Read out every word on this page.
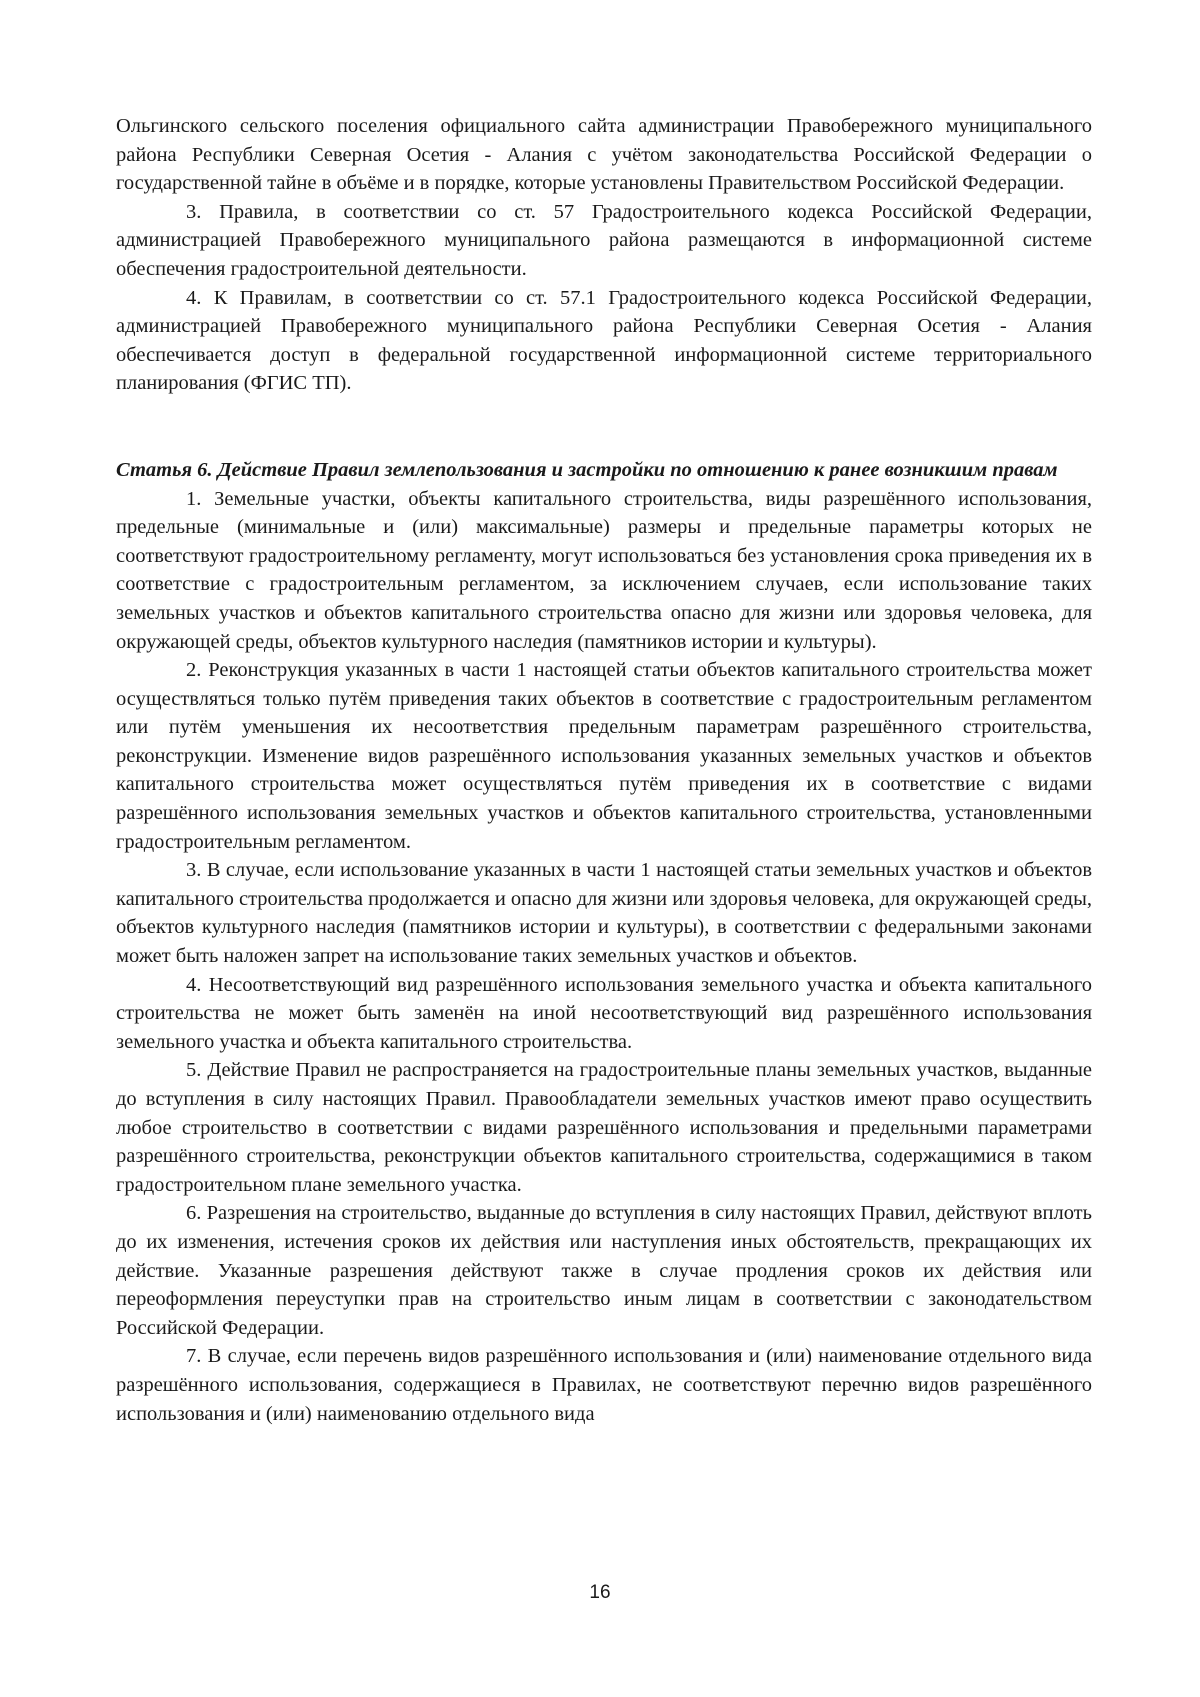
Ольгинского сельского поселения официального сайта администрации Правобережного муниципального района Республики Северная Осетия - Алания с учётом законодательства Российской Федерации о государственной тайне в объёме и в порядке, которые установлены Правительством Российской Федерации.

3. Правила, в соответствии со ст. 57 Градостроительного кодекса Российской Федерации, администрацией Правобережного муниципального района размещаются в информационной системе обеспечения градостроительной деятельности.

4. К Правилам, в соответствии со ст. 57.1 Градостроительного кодекса Российской Федерации, администрацией Правобережного муниципального района Республики Северная Осетия - Алания обеспечивается доступ в федеральной государственной информационной системе территориального планирования (ФГИС ТП).

Статья 6. Действие Правил землепользования и застройки по отношению к ранее возникшим правам

1. Земельные участки, объекты капитального строительства, виды разрешённого использования, предельные (минимальные и (или) максимальные) размеры и предельные параметры которых не соответствуют градостроительному регламенту, могут использоваться без установления срока приведения их в соответствие с градостроительным регламентом, за исключением случаев, если использование таких земельных участков и объектов капитального строительства опасно для жизни или здоровья человека, для окружающей среды, объектов культурного наследия (памятников истории и культуры).

2. Реконструкция указанных в части 1 настоящей статьи объектов капитального строительства может осуществляться только путём приведения таких объектов в соответствие с градостроительным регламентом или путём уменьшения их несоответствия предельным параметрам разрешённого строительства, реконструкции. Изменение видов разрешённого использования указанных земельных участков и объектов капитального строительства может осуществляться путём приведения их в соответствие с видами разрешённого использования земельных участков и объектов капитального строительства, установленными градостроительным регламентом.

3. В случае, если использование указанных в части 1 настоящей статьи земельных участков и объектов капитального строительства продолжается и опасно для жизни или здоровья человека, для окружающей среды, объектов культурного наследия (памятников истории и культуры), в соответствии с федеральными законами может быть наложен запрет на использование таких земельных участков и объектов.

4. Несоответствующий вид разрешённого использования земельного участка и объекта капитального строительства не может быть заменён на иной несоответствующий вид разрешённого использования земельного участка и объекта капитального строительства.

5. Действие Правил не распространяется на градостроительные планы земельных участков, выданные до вступления в силу настоящих Правил. Правообладатели земельных участков имеют право осуществить любое строительство в соответствии с видами разрешённого использования и предельными параметрами разрешённого строительства, реконструкции объектов капитального строительства, содержащимися в таком градостроительном плане земельного участка.

6. Разрешения на строительство, выданные до вступления в силу настоящих Правил, действуют вплоть до их изменения, истечения сроков их действия или наступления иных обстоятельств, прекращающих их действие. Указанные разрешения действуют также в случае продления сроков их действия или переоформления переуступки прав на строительство иным лицам в соответствии с законодательством Российской Федерации.

7. В случае, если перечень видов разрешённого использования и (или) наименование отдельного вида разрешённого использования, содержащиеся в Правилах, не соответствуют перечню видов разрешённого использования и (или) наименованию отдельного вида

16
